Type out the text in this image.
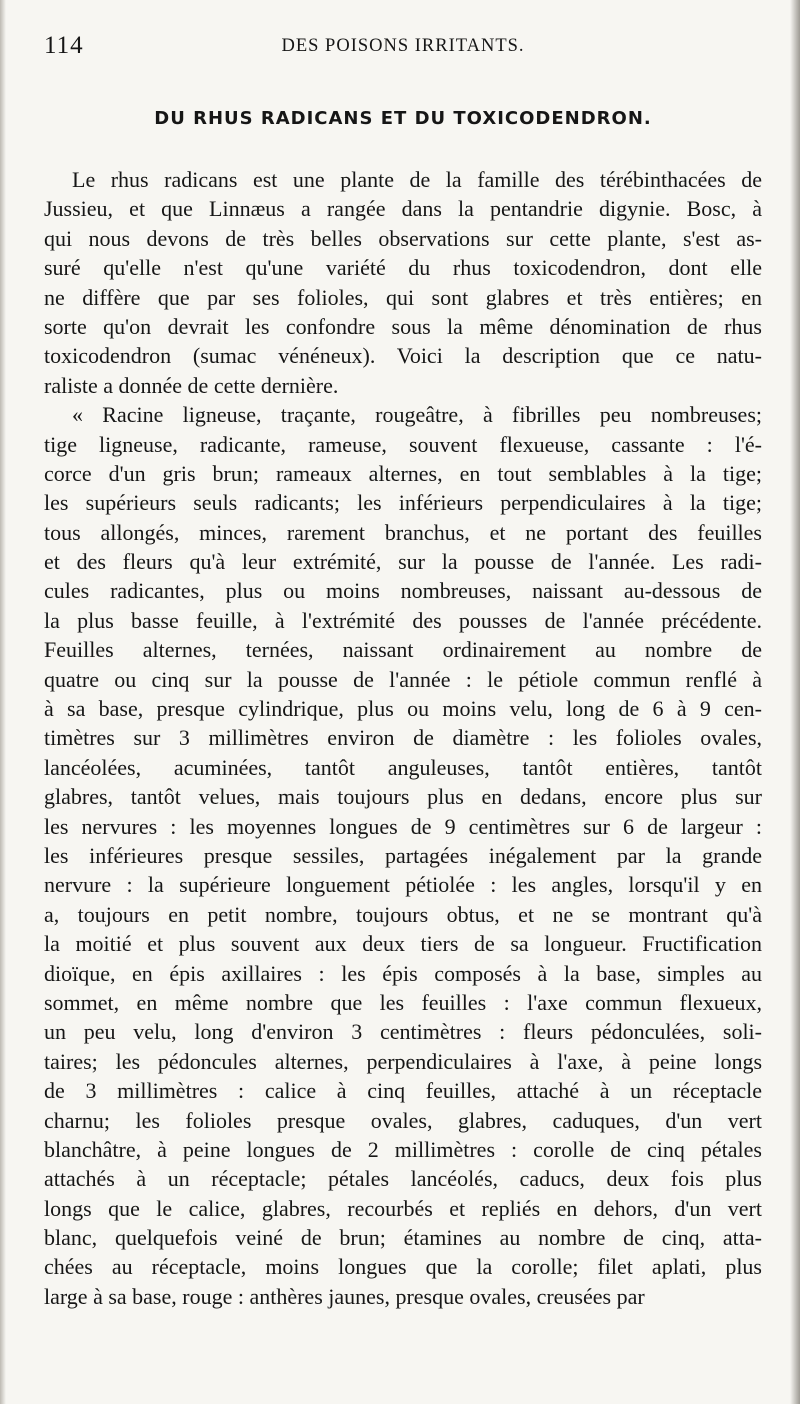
114	DES POISONS IRRITANTS.
DU RHUS RADICANS ET DU TOXICODENDRON.
Le rhus radicans est une plante de la famille des térébinthacées de
Jussieu, et que Linnæus a rangée dans la pentandrie digynie. Bosc, à
qui nous devons de très belles observations sur cette plante, s'est as-
suré qu'elle n'est qu'une variété du rhus toxicodendron, dont elle
ne diffère que par ses folioles, qui sont glabres et très entières; en
sorte qu'on devrait les confondre sous la même dénomination de rhus
toxicodendron (sumac vénéneux). Voici la description que ce natu-
raliste a donnée de cette dernière.
« Racine ligneuse, traçante, rougeâtre, à fibrilles peu nombreuses;
tige ligneuse, radicante, rameuse, souvent flexueuse, cassante : l'é-
corce d'un gris brun; rameaux alternes, en tout semblables à la tige;
les supérieurs seuls radicants; les inférieurs perpendiculaires à la tige;
tous allongés, minces, rarement branchus, et ne portant des feuilles
et des fleurs qu'à leur extrémité, sur la pousse de l'année. Les radi-
cules radicantes, plus ou moins nombreuses, naissant au-dessous de
la plus basse feuille, à l'extrémité des pousses de l'année précédente.
Feuilles alternes, ternées, naissant ordinairement au nombre de
quatre ou cinq sur la pousse de l'année : le pétiole commun renflé à
à sa base, presque cylindrique, plus ou moins velu, long de 6 à 9 cen-
timètres sur 3 millimètres environ de diamètre : les folioles ovales,
lancéolées, acuminées, tantôt anguleuses, tantôt entières, tantôt
glabres, tantôt velues, mais toujours plus en dedans, encore plus sur
les nervures : les moyennes longues de 9 centimètres sur 6 de largeur :
les inférieures presque sessiles, partagées inégalement par la grande
nervure : la supérieure longuement pétiolée : les angles, lorsqu'il y en
a, toujours en petit nombre, toujours obtus, et ne se montrant qu'à
la moitié et plus souvent aux deux tiers de sa longueur. Fructification
dioïque, en épis axillaires : les épis composés à la base, simples au
sommet, en même nombre que les feuilles : l'axe commun flexueux,
un peu velu, long d'environ 3 centimètres : fleurs pédonculées, soli-
taires; les pédoncules alternes, perpendiculaires à l'axe, à peine longs
de 3 millimètres : calice à cinq feuilles, attaché à un réceptacle
charnu; les folioles presque ovales, glabres, caduques, d'un vert
blanchâtre, à peine longues de 2 millimètres : corolle de cinq pétales
attachés à un réceptacle; pétales lancéolés, caducs, deux fois plus
longs que le calice, glabres, recourbés et repliés en dehors, d'un vert
blanc, quelquefois veiné de brun; étamines au nombre de cinq, atta-
chées au réceptacle, moins longues que la corolle; filet aplati, plus
large à sa base, rouge : anthères jaunes, presque ovales, creusées par
